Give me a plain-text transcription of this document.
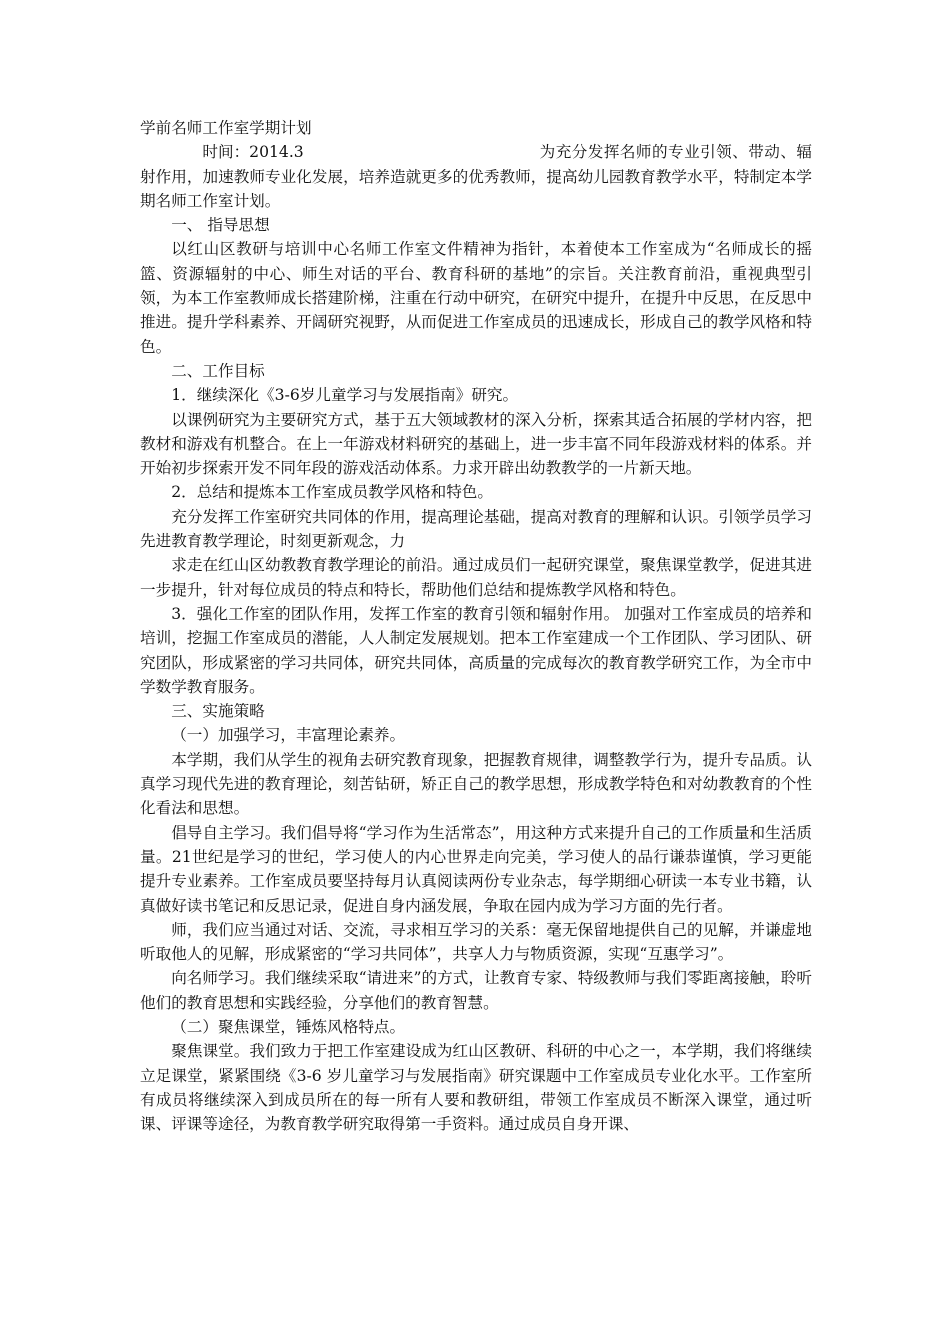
学前名师工作室学期计划

时间：2014.3	为充分发挥名师的专业引领、带动、辐射作用，加速教师专业化发展，培养造就更多的优秀教师，提高幼儿园教育教学水平，特制定本学期名师工作室计划。

一、 指导思想

以红山区教研与培训中心名师工作室文件精神为指针，本着使本工作室成为“名师成长的摇篮、资源辐射的中心、师生对话的平台、教育科研的基地”的宗旨。关注教育前沿，重视典型引领，为本工作室教师成长搭建阶梯，注重在行动中研究，在研究中提升，在提升中反思，在反思中推进。提升学科素养、开阔研究视野，从而促进工作室成员的迅速成长，形成自己的教学风格和特色。

二、工作目标

1．继续深化《3-6岁儿童学习与发展指南》研究。

以课例研究为主要研究方式，基于五大领域教材的深入分析，探索其适合拓展的学材内容，把教材和游戏有机整合。在上一年游戏材料研究的基础上，进一步丰富不同年段游戏材料的体系。并开始初步探索开发不同年段的游戏活动体系。力求开辟出幼教教学的一片新天地。

2．总结和提炼本工作室成员教学风格和特色。

充分发挥工作室研究共同体的作用，提高理论基础，提高对教育的理解和认识。引领学员学习先进教育教学理论，时刻更新观念，力

求走在红山区幼教教育教学理论的前沿。通过成员们一起研究课堂，聚焦课堂教学，促进其进一步提升，针对每位成员的特点和特长，帮助他们总结和提炼教学风格和特色。

3．强化工作室的团队作用，发挥工作室的教育引领和辐射作用。 加强对工作室成员的培养和培训，挖掘工作室成员的潜能，人人制定发展规划。把本工作室建成一个工作团队、学习团队、研究团队，形成紧密的学习共同体，研究共同体，高质量的完成每次的教育教学研究工作，为全市中学数学教育服务。

三、实施策略

（一）加强学习，丰富理论素养。

本学期，我们从学生的视角去研究教育现象，把握教育规律，调整教学行为，提升专品质。认真学习现代先进的教育理论，刻苦钻研，矫正自己的教学思想，形成教学特色和对幼教教育的个性化看法和思想。

倡导自主学习。我们倡导将“学习作为生活常态”，用这种方式来提升自己的工作质量和生活质量。21世纪是学习的世纪，学习使人的内心世界走向完美，学习使人的品行谦恭谨慎，学习更能提升专业素养。工作室成员要坚持每月认真阅读两份专业杂志，每学期细心研读一本专业书籍，认真做好读书笔记和反思记录，促进自身内涵发展，争取在园内成为学习方面的先行者。

师，我们应当通过对话、交流，寻求相互学习的关系：毫无保留地提供自己的见解，并谦虚地听取他人的见解，形成紧密的“学习共同体”，共享人力与物质资源，实现“互惠学习”。

向名师学习。我们继续采取“请进来”的方式，让教育专家、特级教师与我们零距离接触，聆听他们的教育思想和实践经验，分享他们的教育智慧。

（二）聚焦课堂，锤炼风格特点。

聚焦课堂。我们致力于把工作室建设成为红山区教研、科研的中心之一，本学期，我们将继续立足课堂，紧紧围绕《3-6 岁儿童学习与发展指南》研究课题中工作室成员专业化水平。工作室所有成员将继续深入到成员所在的每一所有人要和教研组，带领工作室成员不断深入课堂，通过听课、评课等途径，为教育教学研究取得第一手资料。通过成员自身开课、
